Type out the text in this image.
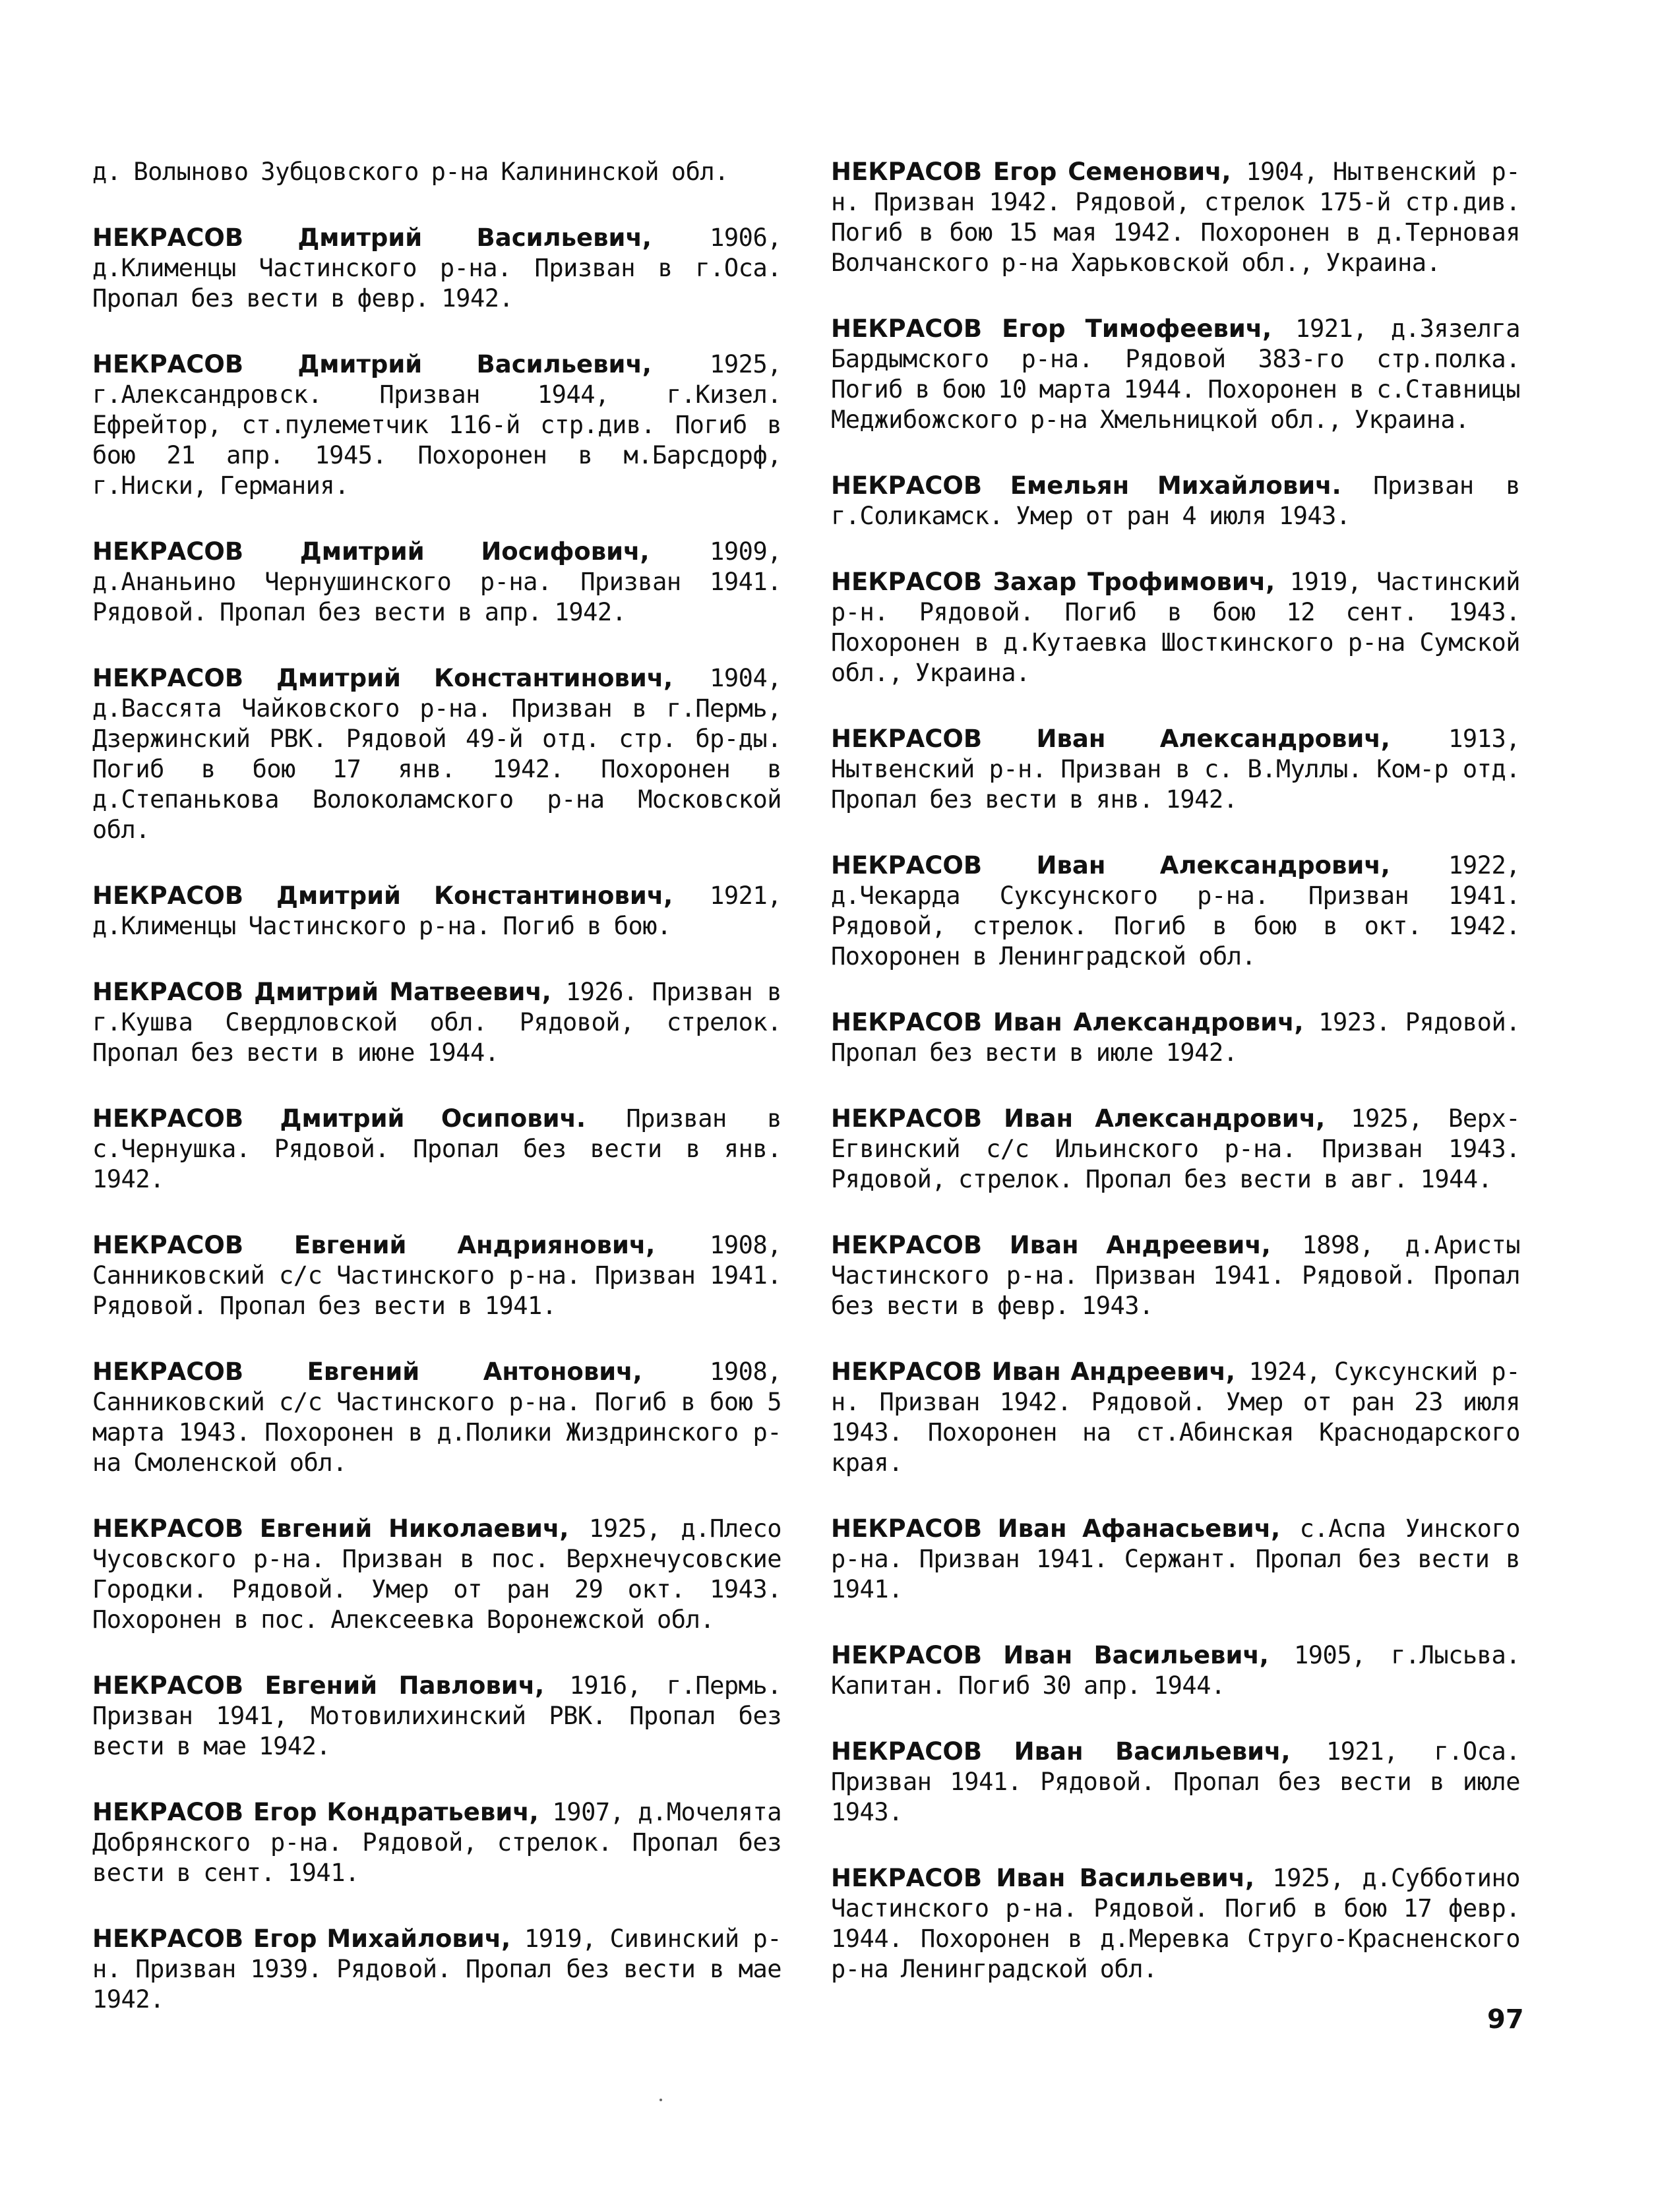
д. Волыново Зубцовского р-на Калининской обл.

НЕКРАСОВ Дмитрий Васильевич, 1906, д.Клименцы Частинского р-на. Призван в г.Оса. Пропал без вести в февр. 1942.

НЕКРАСОВ Дмитрий Васильевич, 1925, г.Александровск. Призван 1944, г.Кизел. Ефрейтор, ст.пулеметчик 116-й стр.див. Погиб в бою 21 апр. 1945. Похоронен в м.Барсдорф, г.Ниски, Германия.

НЕКРАСОВ Дмитрий Иосифович, 1909, д.Ананьино Чернушинского р-на. Призван 1941. Рядовой. Пропал без вести в апр. 1942.

НЕКРАСОВ Дмитрий Константинович, 1904, д.Вассята Чайковского р-на. Призван в г.Пермь, Дзержинский РВК. Рядовой 49-й отд. стр. бр-ды. Погиб в бою 17 янв. 1942. Похоронен в д.Степанькова Волоколамского р-на Московской обл.

НЕКРАСОВ Дмитрий Константинович, 1921, д.Клименцы Частинского р-на. Погиб в бою.

НЕКРАСОВ Дмитрий Матвеевич, 1926. Призван в г.Кушва Свердловской обл. Рядовой, стрелок. Пропал без вести в июне 1944.

НЕКРАСОВ Дмитрий Осипович. Призван в с.Чернушка. Рядовой. Пропал без вести в янв. 1942.

НЕКРАСОВ Евгений Андриянович, 1908, Санниковский с/с Частинского р-на. Призван 1941. Рядовой. Пропал без вести в 1941.

НЕКРАСОВ Евгений Антонович, 1908, Санниковский с/с Частинского р-на. Погиб в бою 5 марта 1943. Похоронен в д.Полики Жиздринского р-на Смоленской обл.

НЕКРАСОВ Евгений Николаевич, 1925, д.Плесо Чусовского р-на. Призван в пос. Верхнечусовские Городки. Рядовой. Умер от ран 29 окт. 1943. Похоронен в пос. Алексеевка Воронежской обл.

НЕКРАСОВ Евгений Павлович, 1916, г.Пермь. Призван 1941, Мотовилихинский РВК. Пропал без вести в мае 1942.

НЕКРАСОВ Егор Кондратьевич, 1907, д.Мочелята Добрянского р-на. Рядовой, стрелок. Пропал без вести в сент. 1941.

НЕКРАСОВ Егор Михайлович, 1919, Сивинский р-н. Призван 1939. Рядовой. Пропал без вести в мае 1942.

НЕКРАСОВ Егор Семенович, 1904, Нытвенский р-н. Призван 1942. Рядовой, стрелок 175-й стр.див. Погиб в бою 15 мая 1942. Похоронен в д.Терновая Волчанского р-на Харьковской обл., Украина.

НЕКРАСОВ Егор Тимофеевич, 1921, д.Зязелга Бардымского р-на. Рядовой 383-го стр.полка. Погиб в бою 10 марта 1944. Похоронен в с.Ставницы Меджибожского р-на Хмельницкой обл., Украина.

НЕКРАСОВ Емельян Михайлович. Призван в г.Соликамск. Умер от ран 4 июля 1943.

НЕКРАСОВ Захар Трофимович, 1919, Частинский р-н. Рядовой. Погиб в бою 12 сент. 1943. Похоронен в д.Кутаевка Шосткинского р-на Сумской обл., Украина.

НЕКРАСОВ Иван Александрович, 1913, Нытвенский р-н. Призван в с. В.Муллы. Ком-р отд. Пропал без вести в янв. 1942.

НЕКРАСОВ Иван Александрович, 1922, д.Чекарда Суксунского р-на. Призван 1941. Рядовой, стрелок. Погиб в бою в окт. 1942. Похоронен в Ленинградской обл.

НЕКРАСОВ Иван Александрович, 1923. Рядовой. Пропал без вести в июле 1942.

НЕКРАСОВ Иван Александрович, 1925, Верх-Егвинский с/с Ильинского р-на. Призван 1943. Рядовой, стрелок. Пропал без вести в авг. 1944.

НЕКРАСОВ Иван Андреевич, 1898, д.Аристы Частинского р-на. Призван 1941. Рядовой. Пропал без вести в февр. 1943.

НЕКРАСОВ Иван Андреевич, 1924, Суксунский р-н. Призван 1942. Рядовой. Умер от ран 23 июля 1943. Похоронен на ст.Абинская Краснодарского края.

НЕКРАСОВ Иван Афанасьевич, с.Аспа Уинского р-на. Призван 1941. Сержант. Пропал без вести в 1941.

НЕКРАСОВ Иван Васильевич, 1905, г.Лысьва. Капитан. Погиб 30 апр. 1944.

НЕКРАСОВ Иван Васильевич, 1921, г.Оса. Призван 1941. Рядовой. Пропал без вести в июле 1943.

НЕКРАСОВ Иван Васильевич, 1925, д.Субботино Частинского р-на. Рядовой. Погиб в бою 17 февр. 1944. Похоронен в д.Меревка Струго-Красненского р-на Ленинградской обл.

97
